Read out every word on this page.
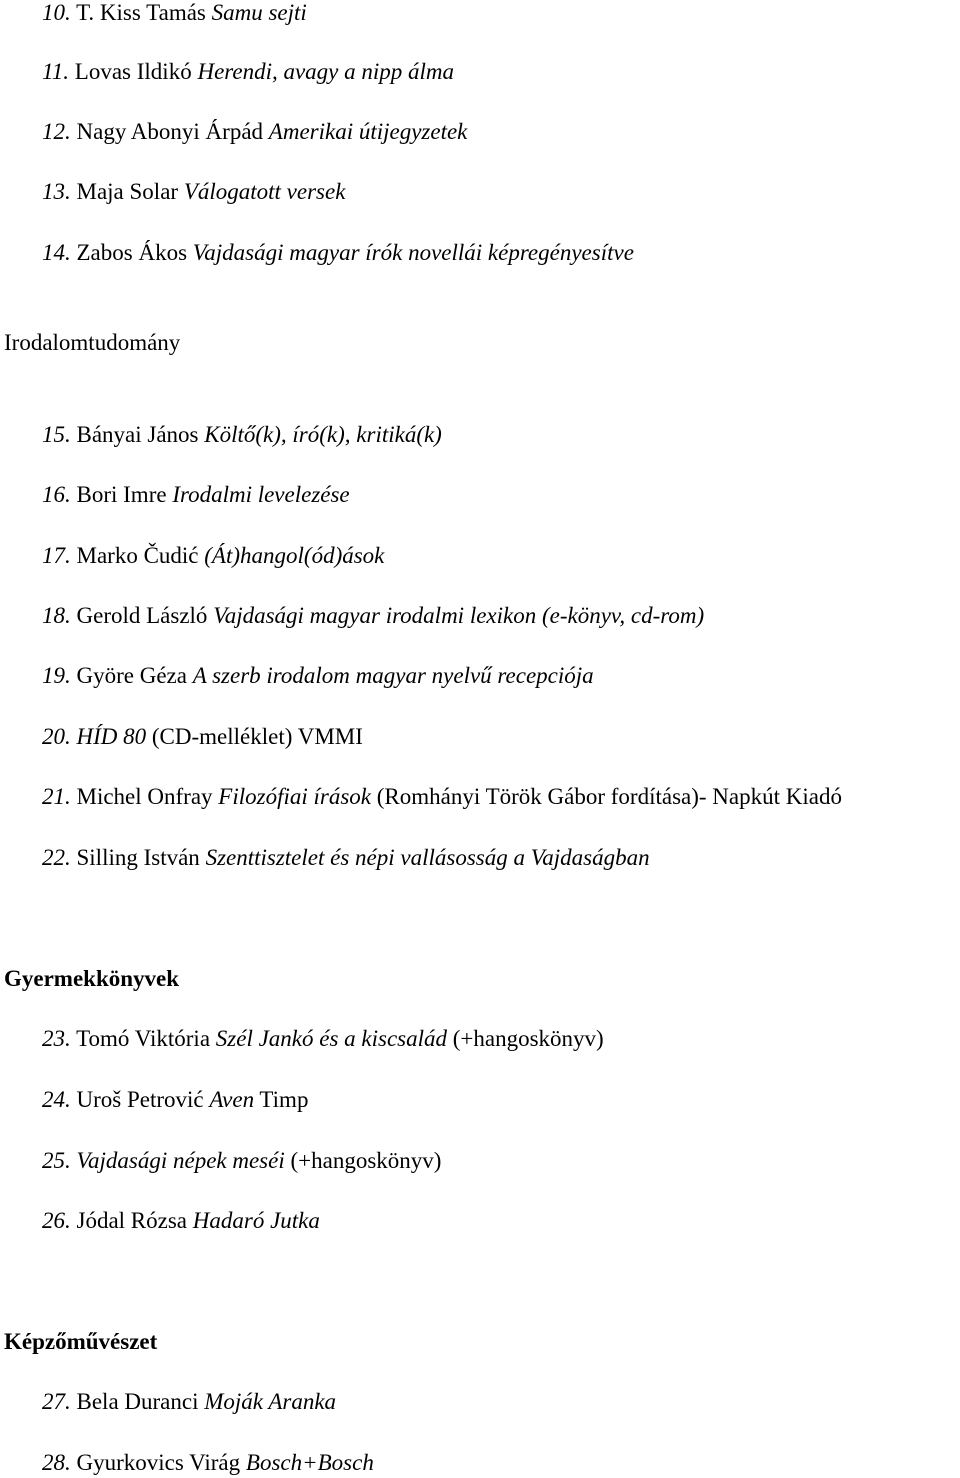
10. T. Kiss Tamás Samu sejti
11. Lovas Ildikó Herendi, avagy a nipp álma
12. Nagy Abonyi Árpád Amerikai útijegyzetek
13. Maja Solar Válogatott versek
14. Zabos Ákos Vajdasági magyar írók novellái képregényesítve
Irodalomtudomány
15. Bányai János Költő(k), író(k), kritiká(k)
16. Bori Imre Irodalmi levelezése
17. Marko Čudić (Át)hangol(ód)ások
18. Gerold László Vajdasági magyar irodalmi lexikon (e-könyv, cd-rom)
19. Györe Géza A szerb irodalom magyar nyelvű recepciója
20. HÍD 80 (CD-melléklet) VMMI
21. Michel Onfray Filozófiai írások (Romhányi Török Gábor fordítása)- Napkút Kiadó
22. Silling István Szenttisztelet és népi vallásosság a Vajdaságban
Gyermekkönyvek
23. Tomó Viktória Szél Jankó és a kiscsalád (+hangoskönyv)
24. Uroš Petrović Aven Timp
25. Vajdasági népek meséi (+hangoskönyv)
26. Jódal Rózsa Hadaró Jutka
Képzőművészet
27. Bela Duranci Moják Aranka
28. Gyurkovics Virág Bosch+Bosch
